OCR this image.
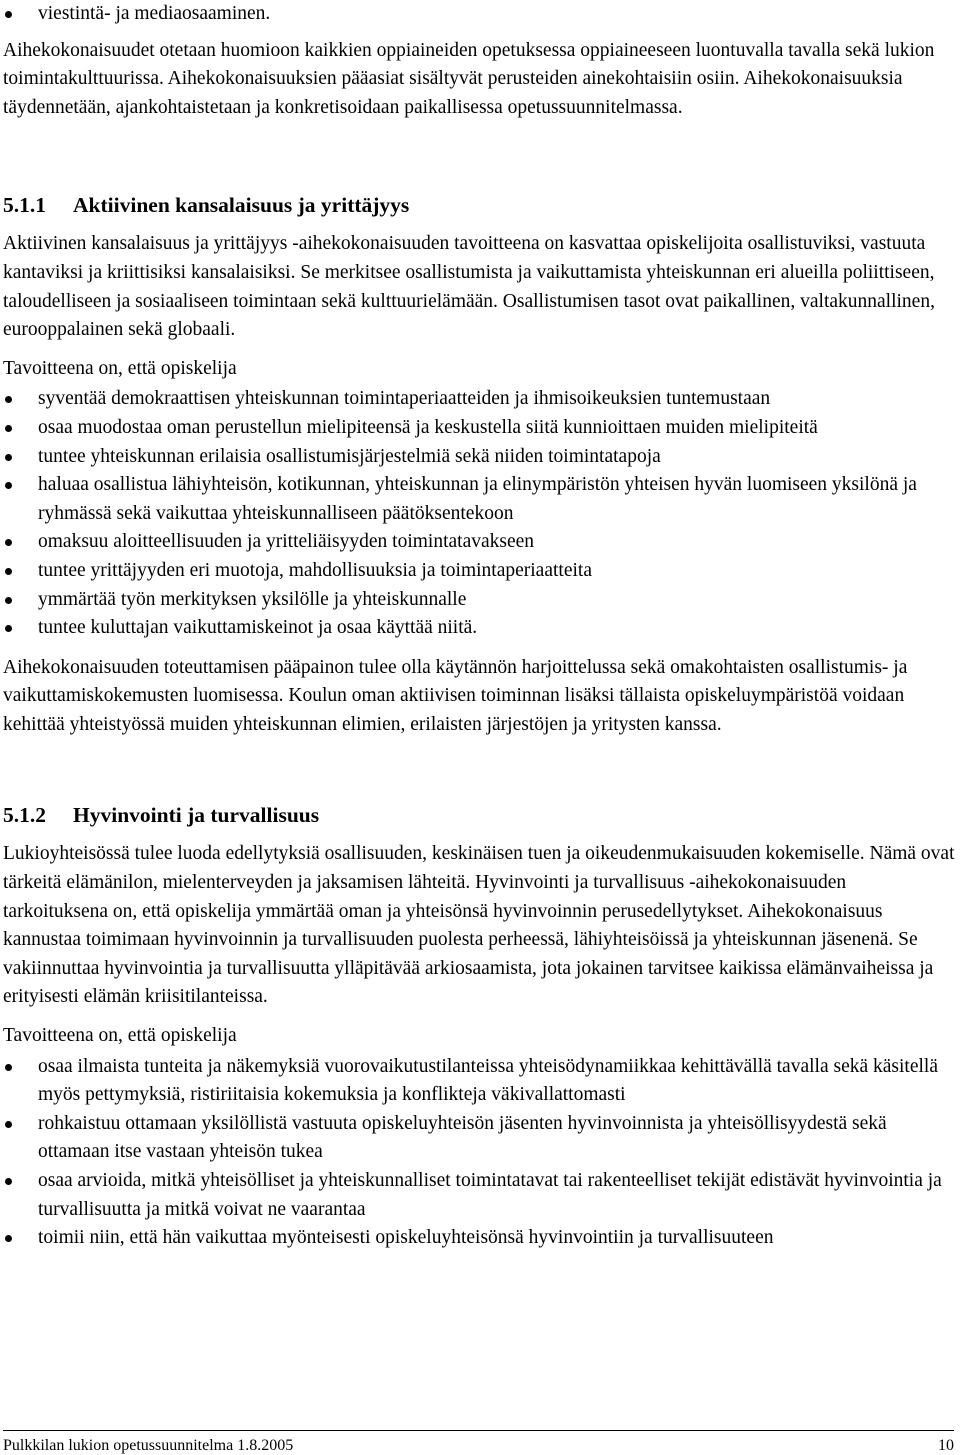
viestintä- ja mediaosaaminen.

Aihekokonaisuudet otetaan huomioon kaikkien oppiaineiden opetuksessa oppiaineeseen luontuvalla tavalla sekä lukion toimintakulttuurissa. Aihekokonaisuuksien pääasiat sisältyvät perusteiden ainekohtaisiin osiin. Aihekokonaisuuksia täydennetään, ajankohtaistetaan ja konkretisoidaan paikallisessa opetussuunnitelmassa.

5.1.1	Aktiivinen kansalaisuus ja yrittäjyys

Aktiivinen kansalaisuus ja yrittäjyys -aihekokonaisuuden tavoitteena on kasvattaa opiskelijoita osallistuviksi, vastuuta kantaviksi ja kriittisiksi kansalaisiksi. Se merkitsee osallistumista ja vaikuttamista yhteiskunnan eri alueilla poliittiseen, taloudelliseen ja sosiaaliseen toimintaan sekä kulttuurielämään. Osallistumisen tasot ovat paikallinen, valtakunnallinen, eurooppalainen sekä globaali.

Tavoitteena on, että opiskelija

syventää demokraattisen yhteiskunnan toimintaperiaatteiden ja ihmisoikeuksien tuntemustaan
osaa muodostaa oman perustellun mielipiteensä ja keskustella siitä kunnioittaen muiden mielipiteitä
tuntee yhteiskunnan erilaisia osallistumisjärjestelmiä sekä niiden toimintatapoja
haluaa osallistua lähiyhteisön, kotikunnan, yhteiskunnan ja elinympäristön yhteisen hyvän luomiseen yksilönä ja ryhmässä sekä vaikuttaa yhteiskunnalliseen päätöksentekoon
omaksuu aloitteellisuuden ja yritteliäisyyden toimintatavakseen
tuntee yrittäjyyden eri muotoja, mahdollisuuksia ja toimintaperiaatteita
ymmärtää työn merkityksen yksilölle ja yhteiskunnalle
tuntee kuluttajan vaikuttamiskeinot ja osaa käyttää niitä.

Aihekokonaisuuden toteuttamisen pääpainon tulee olla käytännön harjoittelussa sekä omakohtaisten osallistumis- ja vaikuttamiskokemusten luomisessa. Koulun oman aktiivisen toiminnan lisäksi tällaista opiskeluympäristöä voidaan kehittää yhteistyössä muiden yhteiskunnan elimien, erilaisten järjestöjen ja yritysten kanssa.

5.1.2	Hyvinvointi ja turvallisuus

Lukioyhteisössä tulee luoda edellytyksiä osallisuuden, keskinäisen tuen ja oikeudenmukaisuuden kokemiselle. Nämä ovat tärkeitä elämänilon, mielenterveyden ja jaksamisen lähteitä. Hyvinvointi ja turvallisuus -aihekokonaisuuden tarkoituksena on, että opiskelija ymmärtää oman ja yhteisönsä hyvinvoinnin perusedellytykset. Aihekokonaisuus kannustaa toimimaan hyvinvoinnin ja turvallisuuden puolesta perheessä, lähiyhteisöissä ja yhteiskunnan jäsenenä. Se vakiinnuttaa hyvinvointia ja turvallisuutta ylläpitävää arkiosaamista, jota jokainen tarvitsee kaikissa elämänvaiheissa ja erityisesti elämän kriisitilanteissa.

Tavoitteena on, että opiskelija

osaa ilmaista tunteita ja näkemyksiä vuorovaikutustilanteissa yhteisödynamiikkaa kehittävällä tavalla sekä käsitellä myös pettymyksiä, ristiriitaisia kokemuksia ja konflikteja väkivallattomasti
rohkaistuu ottamaan yksilöllistä vastuuta opiskeluyhteisön jäsenten hyvinvoinnista ja yhteisöllisyydestä sekä ottamaan itse vastaan yhteisön tukea
osaa arvioida, mitkä yhteisölliset ja yhteiskunnalliset toimintatavat tai rakenteelliset tekijät edistävät hyvinvointia ja turvallisuutta ja mitkä voivat ne vaarantaa
toimii niin, että hän vaikuttaa myönteisesti opiskeluyhteisönsä hyvinvointiin ja turvallisuuteen
Pulkkilan lukion opetussuunnitelma 1.8.2005	10
